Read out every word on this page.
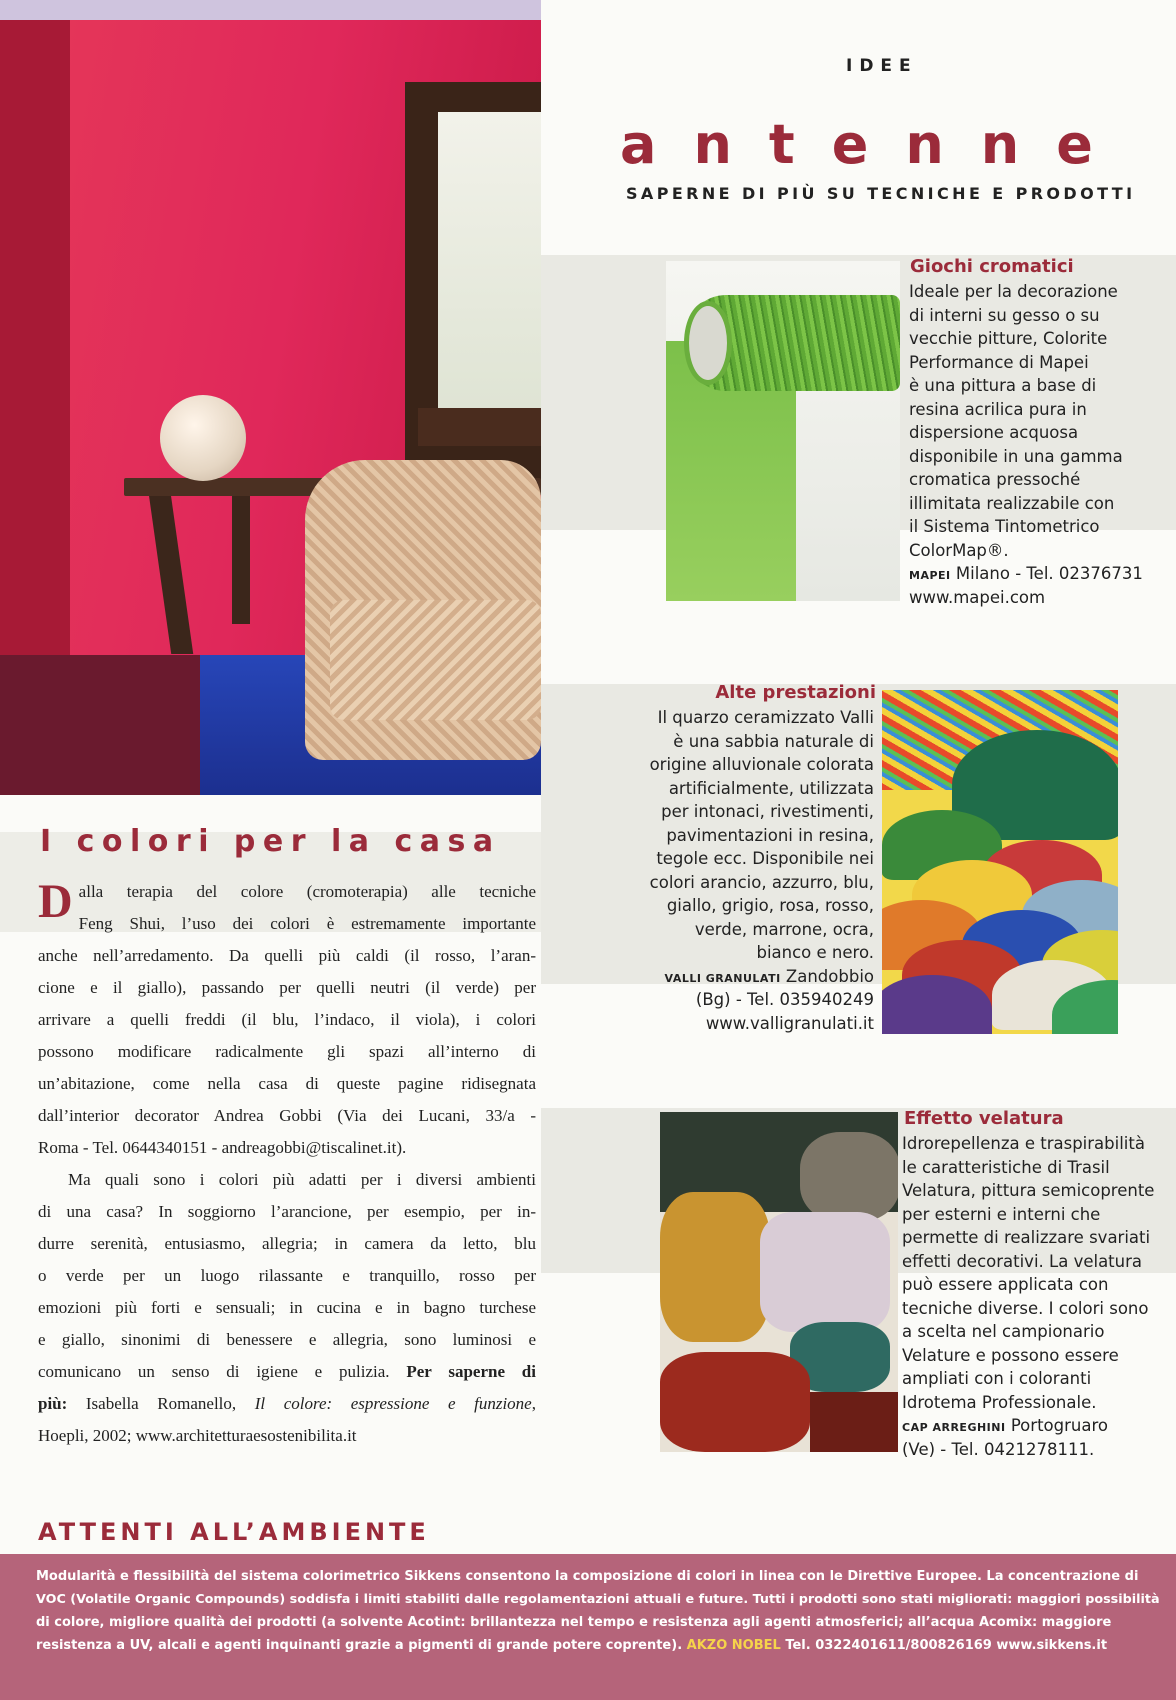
IDEE
antenne
SAPERNE DI PIÙ SU TECNICHE E PRODOTTI
Giochi cromatici

Ideale per la decorazione

di interni su gesso o su

vecchie pitture, Colorite

Performance di Mapei

è una pittura a base di

resina acrilica pura in

dispersione acquosa

disponibile in una gamma

cromatica pressoché

illimitata realizzabile con

il Sistema Tintometrico

ColorMap®.

MAPEI Milano - Tel. 02376731

www.mapei.com

Alte prestazioni

Il quarzo ceramizzato Valli

è una sabbia naturale di

origine alluvionale colorata

artificialmente, utilizzata

per intonaci, rivestimenti,

pavimentazioni in resina,

tegole ecc. Disponibile nei

colori arancio, azzurro, blu,

giallo, grigio, rosa, rosso,

verde, marrone, ocra,

bianco e nero.

VALLI GRANULATI Zandobbio

(Bg) - Tel. 035940249

www.valligranulati.it

Effetto velatura

Idrorepellenza e traspirabilità

le caratteristiche di Trasil

Velatura, pittura semicoprente

per esterni e interni che

permette di realizzare svariati

effetti decorativi. La velatura

può essere applicata con

tecniche diverse. I colori sono

a scelta nel campionario

Velature e possono essere

ampliati con i coloranti

Idrotema Professionale.

CAP ARREGHINI Portogruaro

(Ve) - Tel. 0421278111.

I colori per la casa

D alla terapia del colore (cromoterapia) alle tecniche
Feng Shui, l’uso dei colori è estremamente importante
anche nell’arredamento. Da quelli più caldi (il rosso, l’aran-
cione e il giallo), passando per quelli neutri (il verde) per
arrivare a quelli freddi (il blu, l’indaco, il viola), i colori
possono modificare radicalmente gli spazi all’interno di
un’abitazione, come nella casa di queste pagine ridisegnata
dall’interior decorator Andrea Gobbi (Via dei Lucani, 33/a -
Roma - Tel. 0644340151 - andreagobbi@tiscalinet.it).

Ma quali sono i colori più adatti per i diversi ambienti
di una casa? In soggiorno l’arancione, per esempio, per in-
durre serenità, entusiasmo, allegria; in camera da letto, blu
o verde per un luogo rilassante e tranquillo, rosso per
emozioni più forti e sensuali; in cucina e in bagno turchese
e giallo, sinonimi di benessere e allegria, sono luminosi e
comunicano un senso di igiene e pulizia. Per saperne di
più: Isabella Romanello, Il colore: espressione e funzione,
Hoepli, 2002; www.architetturaesostenibilita.it

ATTENTI ALL’AMBIENTE
Modularità e flessibilità del sistema colorimetrico Sikkens consentono la composizione di colori in linea con le Direttive Europee. La concentrazione di
VOC (Volatile Organic Compounds) soddisfa i limiti stabiliti dalle regolamentazioni attuali e future. Tutti i prodotti sono stati migliorati: maggiori possibilità
di colore, migliore qualità dei prodotti (a solvente Acotint: brillantezza nel tempo e resistenza agli agenti atmosferici; all’acqua Acomix: maggiore
resistenza a UV, alcali e agenti inquinanti grazie a pigmenti di grande potere coprente). AKZO NOBEL Tel. 0322401611/800826169 www.sikkens.it
